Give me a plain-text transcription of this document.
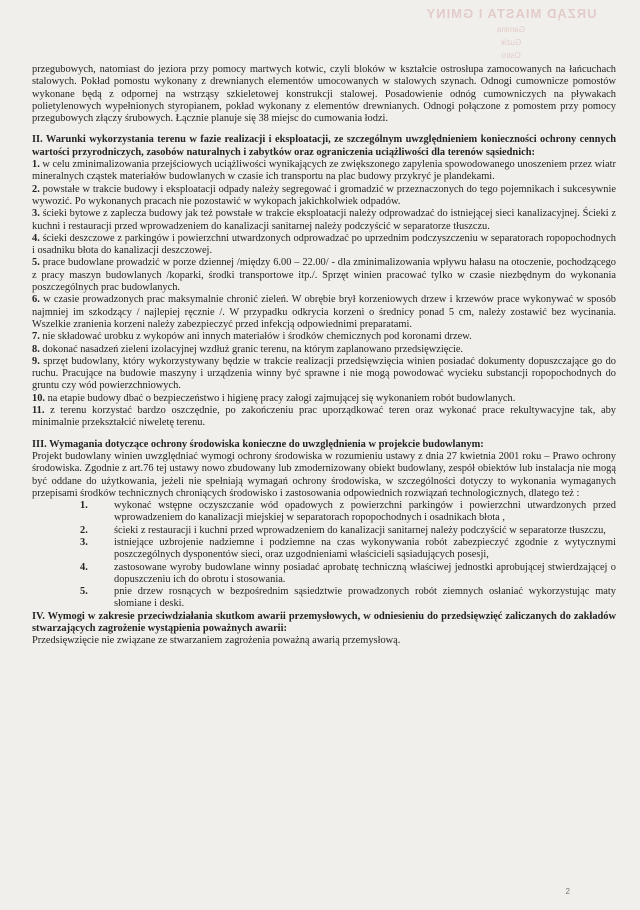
URZĄD MIASTA I GMINY
Gamina
Guzik
Ostro

przegubowych, natomiast do jeziora przy pomocy martwych kotwic, czyli bloków w kształcie ostrosłupa zamocowanych na łańcuchach stalowych. Pokład pomostu wykonany z drewnianych elementów umocowanych w stalowych szynach. Odnogi cumownicze pomostów wykonane będą z odpornej na wstrząsy szkieletowej konstrukcji stalowej. Posadowienie odnóg cumowniczych na pływakach polietylenowych wypełnionych styropianem, pokład wykonany z elementów drewnianych. Odnogi połączone z pomostem przy pomocy przegubowych złączy śrubowych. Łącznie planuje się 38 miejsc do cumowania łodzi.

II. Warunki wykorzystania terenu w fazie realizacji i eksploatacji, ze szczególnym uwzględnieniem konieczności ochrony cennych wartości przyrodniczych, zasobów naturalnych i zabytków oraz ograniczenia uciążliwości dla terenów sąsiednich:

1. w celu zminimalizowania przejściowych uciążliwości wynikających ze zwiększonego zapylenia spowodowanego unoszeniem przez wiatr mineralnych cząstek materiałów budowlanych w czasie ich transportu na plac budowy przykryć je plandekami.

2. powstałe w trakcie budowy i eksploatacji odpady należy segregować i gromadzić w przeznaczonych do tego pojemnikach i sukcesywnie wywozić. Po wykonanych pracach nie pozostawić w wykopach jakichkolwiek odpadów.

3. ścieki bytowe z zaplecza budowy jak też powstałe w trakcie eksploatacji należy odprowadzać do istniejącej sieci kanalizacyjnej. Ścieki z kuchni i restauracji przed wprowadzeniem do kanalizacji sanitarnej należy podczyścić w separatorze tłuszczu.

4. ścieki deszczowe z parkingów i powierzchni utwardzonych odprowadzać po uprzednim podczyszczeniu w separatorach ropopochodnych i osadniku błota do kanalizacji deszczowej.

5. prace budowlane prowadzić w porze dziennej /między 6.00 – 22.00/ - dla zminimalizowania wpływu hałasu na otoczenie, pochodzącego z pracy maszyn budowlanych /koparki, środki transportowe itp./. Sprzęt winien pracować tylko w czasie niezbędnym do wykonania poszczególnych prac budowlanych.

6. w czasie prowadzonych prac maksymalnie chronić zieleń. W obrębie brył korzeniowych drzew i krzewów prace wykonywać w sposób najmniej im szkodzący / najlepiej ręcznie /. W przypadku odkrycia korzeni o średnicy ponad 5 cm, należy zostawić bez wycinania. Wszelkie zranienia korzeni należy zabezpieczyć przed infekcją odpowiednimi preparatami.

7. nie składować urobku z wykopów ani innych materiałów i środków chemicznych pod koronami drzew.

8. dokonać nasadzeń zieleni izolacyjnej wzdłuż granic terenu, na którym zaplanowano przedsięwzięcie.

9. sprzęt budowlany, który wykorzystywany będzie w trakcie realizacji przedsięwzięcia winien posiadać dokumenty dopuszczające go do ruchu. Pracujące na budowie maszyny i urządzenia winny być sprawne i nie mogą powodować wycieku substancji ropopochodnych do gruntu czy wód powierzchniowych.

10. na etapie budowy dbać o bezpieczeństwo i higienę pracy załogi zajmującej się wykonaniem robót budowlanych.

11. z terenu korzystać bardzo oszczędnie, po zakończeniu prac uporządkować teren oraz wykonać prace rekultywacyjne tak, aby minimalnie przekształcić niweletę terenu.

III. Wymagania dotyczące ochrony środowiska konieczne do uwzględnienia w projekcie budowlanym:

Projekt budowlany winien uwzględniać wymogi ochrony środowiska w rozumieniu ustawy z dnia 27 kwietnia 2001 roku – Prawo ochrony środowiska. Zgodnie z art.76 tej ustawy nowo zbudowany lub zmodernizowany obiekt budowlany, zespół obiektów lub instalacja nie mogą być oddane do użytkowania, jeżeli nie spełniają wymagań ochrony środowiska, w szczególności dotyczy to wykonania wymaganych przepisami środków technicznych chroniących środowisko i zastosowania odpowiednich rozwiązań technologicznych, dlatego też :

1.	wykonać wstępne oczyszczanie wód opadowych z powierzchni parkingów i powierzchni utwardzonych przed wprowadzeniem do kanalizacji miejskiej w separatorach ropopochodnych i osadnikach błota ,
2.	ścieki z restauracji i kuchni przed wprowadzeniem do kanalizacji sanitarnej należy podczyścić w separatorze tłuszczu,
3.	istniejące uzbrojenie nadziemne i podziemne na czas wykonywania robót zabezpieczyć zgodnie z wytycznymi poszczególnych dysponentów sieci, oraz uzgodnieniami właścicieli sąsiadujących posesji,
4.	zastosowane wyroby budowlane winny posiadać aprobatę techniczną właściwej jednostki aprobującej stwierdzającej o dopuszczeniu ich do obrotu i stosowania.
5.	pnie drzew rosnących w bezpośrednim sąsiedztwie prowadzonych robót ziemnych osłaniać wykorzystując maty słomiane i deski.

IV. Wymogi w zakresie przeciwdziałania skutkom awarii przemysłowych, w odniesieniu do przedsięwzięć zaliczanych do zakładów stwarzających zagrożenie wystąpienia poważnych awarii:

Przedsięwzięcie nie związane ze stwarzaniem zagrożenia poważną awarią przemysłową.

2
